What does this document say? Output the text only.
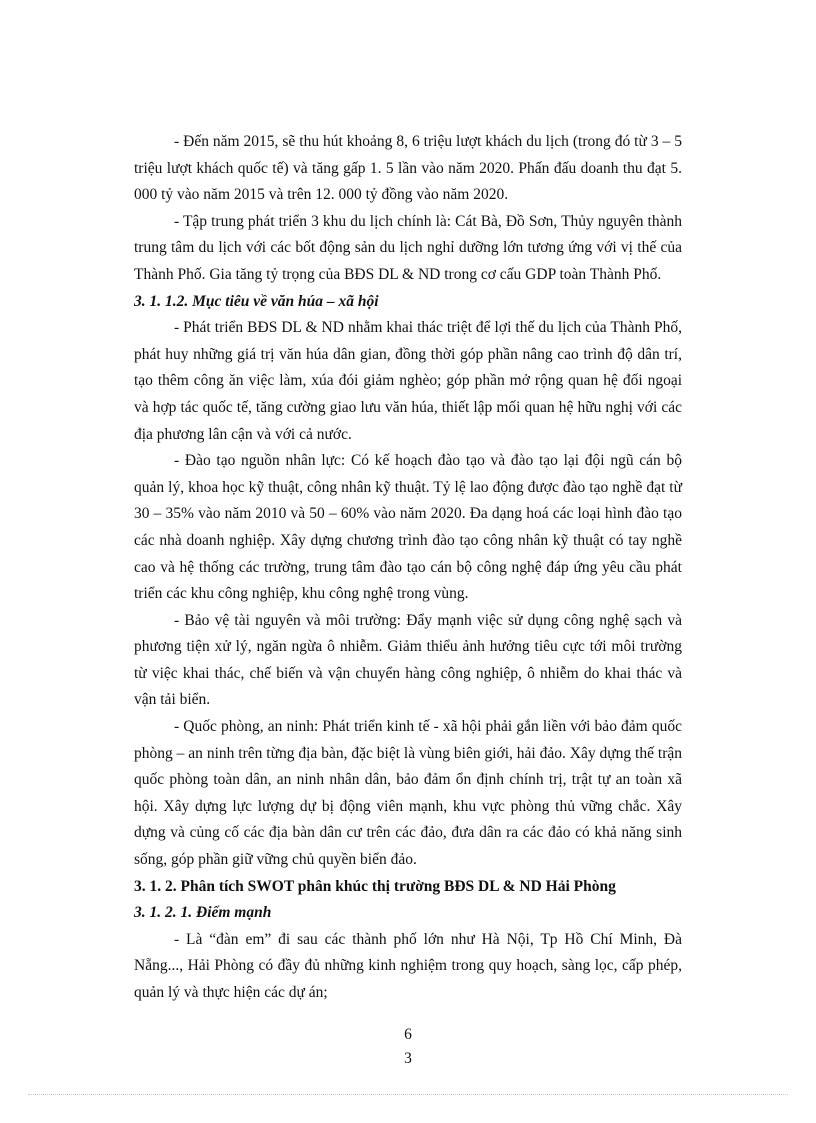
- Đến năm 2015, sẽ thu hút khoảng 8, 6 triệu lượt khách du lịch (trong đó từ 3 – 5 triệu lượt khách quốc tế) và tăng gấp 1. 5 lần vào năm 2020. Phấn đấu doanh thu đạt 5. 000 tỷ vào năm 2015 và trên 12. 000 tỷ đồng vào năm 2020.

- Tập trung phát triển 3 khu du lịch chính là: Cát Bà, Đồ Sơn, Thủy nguyên thành trung tâm du lịch với các bốt động sản du lịch nghỉ dưỡng lớn tương ứng với vị thế của Thành Phố. Gia tăng tỷ trọng của BĐS DL & ND trong cơ cấu GDP toàn Thành Phố.

3. 1. 1.2. Mục tiêu về văn húa – xã hội

- Phát triển BĐS DL & ND nhằm khai thác triệt để lợi thế du lịch của Thành Phố, phát huy những giá trị văn húa dân gian, đồng thời góp phần nâng cao trình độ dân trí, tạo thêm công ăn việc làm, xúa đói giảm nghèo; góp phần mở rộng quan hệ đối ngoại và hợp tác quốc tế, tăng cường giao lưu văn húa, thiết lập mối quan hệ hữu nghị với các địa phương lân cận và với cả nước.

- Đào tạo nguồn nhân lực: Có kế hoạch đào tạo và đào tạo lại đội ngũ cán bộ quản lý, khoa học kỹ thuật, công nhân kỹ thuật. Tỷ lệ lao động được đào tạo nghề đạt từ 30 – 35% vào năm 2010 và 50 – 60% vào năm 2020. Đa dạng hoá các loại hình đào tạo các nhà doanh nghiệp. Xây dựng chương trình đào tạo công nhân kỹ thuật có tay nghề cao và hệ thống các trường, trung tâm đào tạo cán bộ công nghệ đáp ứng yêu cầu phát triển các khu công nghiệp, khu công nghệ trong vùng.

- Bảo vệ tài nguyên và môi trường: Đẩy mạnh việc sử dụng công nghệ sạch và phương tiện xử lý, ngăn ngừa ô nhiễm. Giảm thiểu ảnh hưởng tiêu cực tới môi trường từ việc khai thác, chế biến và vận chuyển hàng công nghiệp, ô nhiễm do khai thác và vận tải biển.

- Quốc phòng, an ninh: Phát triển kinh tế - xã hội phải gắn liền với bảo đảm quốc phòng – an ninh trên từng địa bàn, đặc biệt là vùng biên giới, hải đảo. Xây dựng thế trận quốc phòng toàn dân, an ninh nhân dân, bảo đảm ổn định chính trị, trật tự an toàn xã hội. Xây dựng lực lượng dự bị động viên mạnh, khu vực phòng thủ vững chắc. Xây dựng và củng cố các địa bàn dân cư trên các đảo, đưa dân ra các đảo có khả năng sinh sống, góp phần giữ vững chủ quyền biển đảo.

3. 1. 2. Phân tích SWOT phân khúc thị trường BĐS DL & ND Hải Phòng

3. 1. 2. 1. Điểm mạnh

- Là “đàn em” đi sau các thành phố lớn như Hà Nội, Tp Hồ Chí Minh, Đà Nẵng..., Hải Phòng có đầy đủ những kinh nghiệm trong quy hoạch, sàng lọc, cấp phép, quản lý và thực hiện các dự án;

6
3
